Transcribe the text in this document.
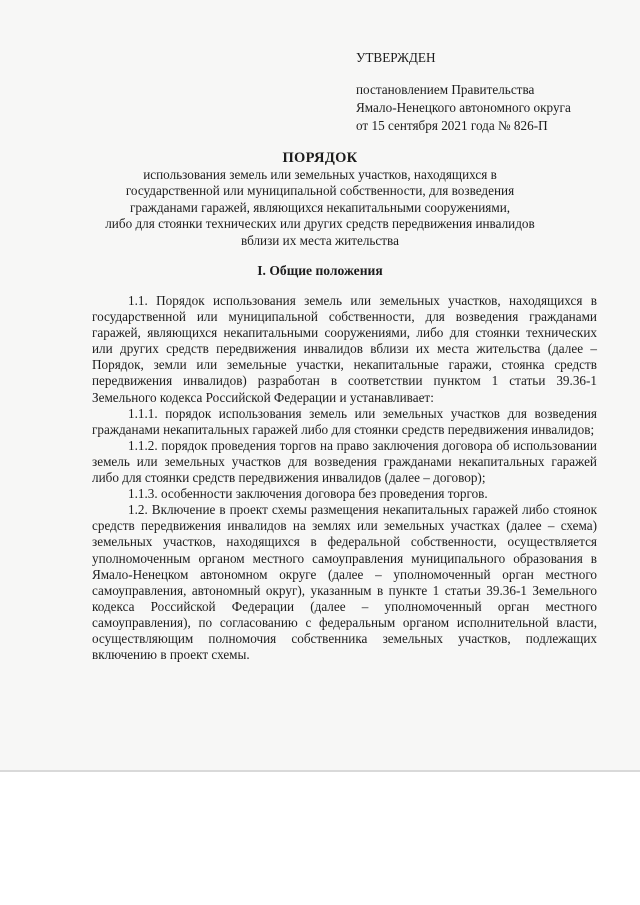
УТВЕРЖДЕН
постановлением Правительства
Ямало-Ненецкого автономного округа
от 15 сентября 2021 года № 826-П
ПОРЯДОК
использования земель или земельных участков, находящихся в
государственной или муниципальной собственности, для возведения
гражданами гаражей, являющихся некапитальными сооружениями,
либо для стоянки технических или других средств передвижения инвалидов
вблизи их места жительства
I. Общие положения

1.1. Порядок использования земель или земельных участков, находящихся в государственной или муниципальной собственности, для возведения гражданами гаражей, являющихся некапитальными сооружениями, либо для стоянки технических или других средств передвижения инвалидов вблизи их места жительства (далее – Порядок, земли или земельные участки, некапитальные гаражи, стоянка средств передвижения инвалидов) разработан в соответствии пунктом 1 статьи 39.36-1 Земельного кодекса Российской Федерации и устанавливает:

1.1.1. порядок использования земель или земельных участков для возведения гражданами некапитальных гаражей либо для стоянки средств передвижения инвалидов;

1.1.2. порядок проведения торгов на право заключения договора об использовании земель или земельных участков для возведения гражданами некапитальных гаражей либо для стоянки средств передвижения инвалидов (далее – договор);

1.1.3. особенности заключения договора без проведения торгов.

1.2. Включение в проект схемы размещения некапитальных гаражей либо стоянок средств передвижения инвалидов на землях или земельных участках (далее – схема) земельных участков, находящихся в федеральной собственности, осуществляется уполномоченным органом местного самоуправления муниципального образования в Ямало-Ненецком автономном округе (далее – уполномоченный орган местного самоуправления, автономный округ), указанным в пункте 1 статьи 39.36-1 Земельного кодекса Российской Федерации (далее – уполномоченный орган местного самоуправления), по согласованию с федеральным органом исполнительной власти, осуществляющим полномочия собственника земельных участков, подлежащих включению в проект схемы.
